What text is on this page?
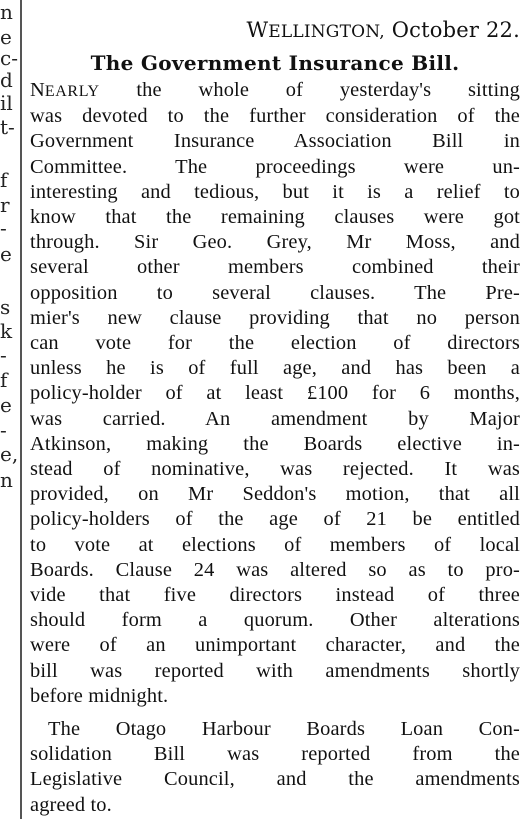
n
e
c-
d
il
t-
f
r
-
e
s
k
-
f
e
-
e,
n

WELLINGTON, October 22.

The Government Insurance Bill.

NEARLY the whole of yesterday's sitting
was devoted to the further consideration of the
Government Insurance Association Bill in
Committee. The proceedings were un-
interesting and tedious, but it is a relief to
know that the remaining clauses were got
through. Sir Geo. Grey, Mr Moss, and
several other members combined their
opposition to several clauses. The Pre-
mier's new clause providing that no person
can vote for the election of directors
unless he is of full age, and has been a
policy-holder of at least £100 for 6 months,
was carried. An amendment by Major
Atkinson, making the Boards elective in-
stead of nominative, was rejected. It was
provided, on Mr Seddon's motion, that all
policy-holders of the age of 21 be entitled
to vote at elections of members of local
Boards. Clause 24 was altered so as to pro-
vide that five directors instead of three
should form a quorum. Other alterations
were of an unimportant character, and the
bill was reported with amendments shortly
before midnight.
The Otago Harbour Boards Loan Con-
solidation Bill was reported from the
Legislative Council, and the amendments
agreed to.
